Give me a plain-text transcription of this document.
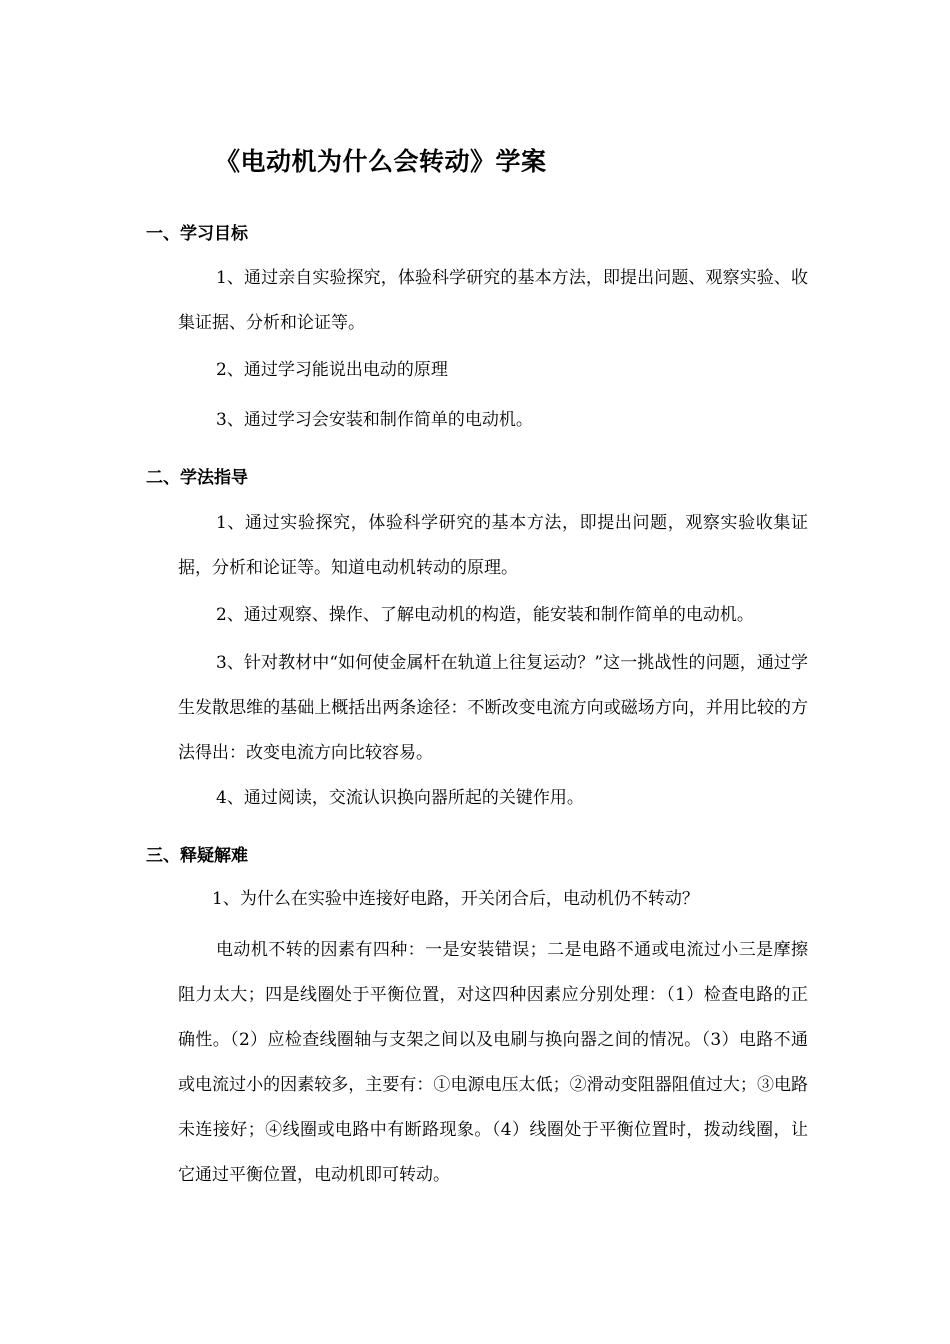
《电动机为什么会转动》学案
一、学习目标

1、通过亲自实验探究，体验科学研究的基本方法，即提出问题、观察实验、收集证据、分析和论证等。

2、通过学习能说出电动的原理

3、通过学习会安装和制作简单的电动机。

二、学法指导

1、通过实验探究，体验科学研究的基本方法，即提出问题，观察实验收集证据，分析和论证等。知道电动机转动的原理。

2、通过观察、操作、了解电动机的构造，能安装和制作简单的电动机。

3、针对教材中“如何使金属杆在轨道上往复运动？”这一挑战性的问题，通过学生发散思维的基础上概括出两条途径：不断改变电流方向或磁场方向，并用比较的方法得出：改变电流方向比较容易。

4、通过阅读，交流认识换向器所起的关键作用。

三、释疑解难

1、为什么在实验中连接好电路，开关闭合后，电动机仍不转动？

电动机不转的因素有四种：一是安装错误；二是电路不通或电流过小三是摩擦阻力太大；四是线圈处于平衡位置，对这四种因素应分别处理：（1）检查电路的正确性。（2）应检查线圈轴与支架之间以及电刷与换向器之间的情况。（3）电路不通或电流过小的因素较多，主要有：①电源电压太低；②滑动变阻器阻值过大；③电路未连接好；④线圈或电路中有断路现象。（4）线圈处于平衡位置时，拨动线圈，让它通过平衡位置，电动机即可转动。
